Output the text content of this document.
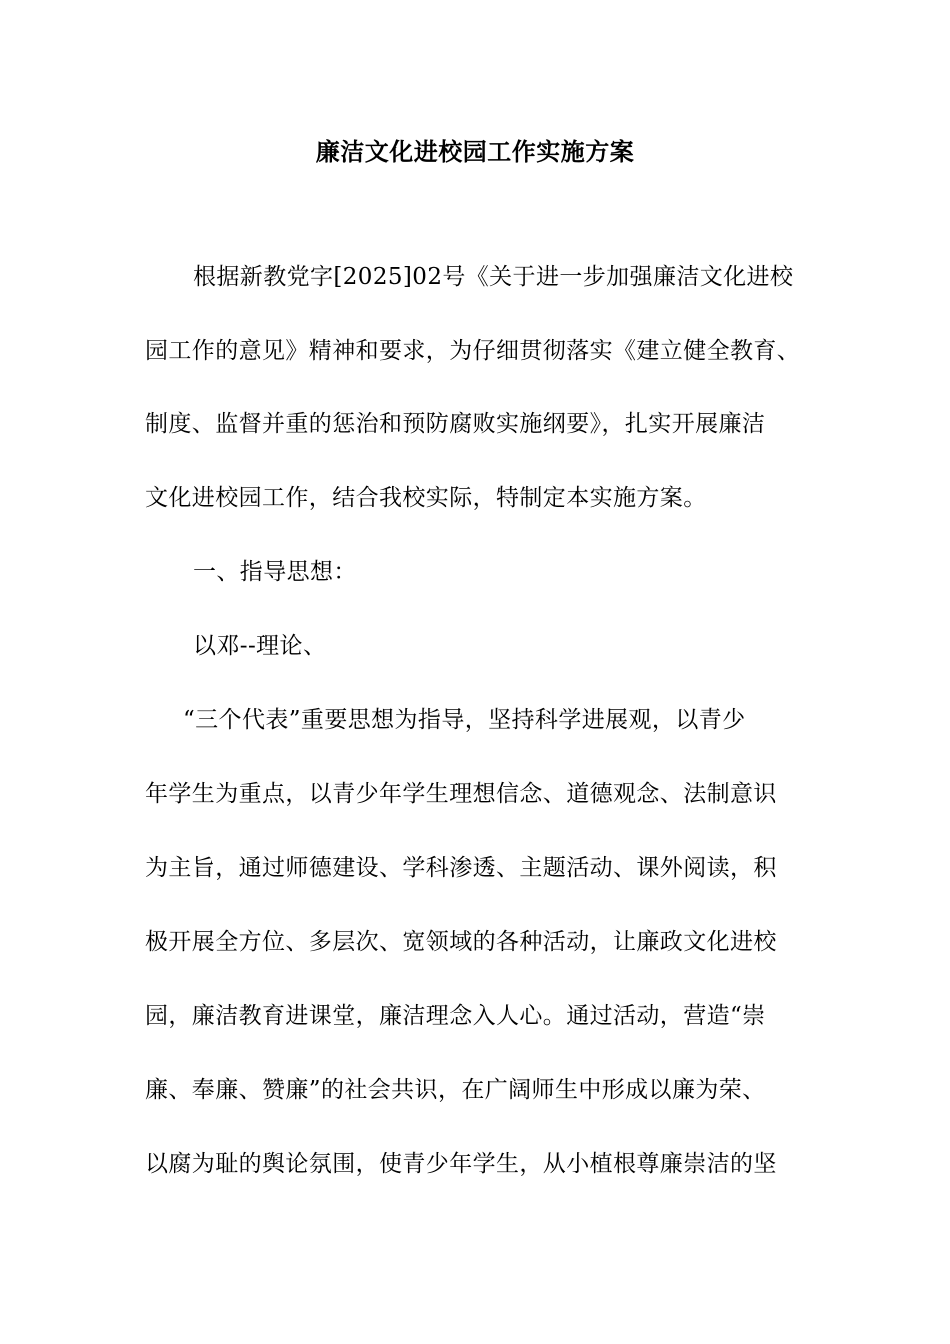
廉洁文化进校园工作实施方案
根据新教党字[2025]02号《关于进一步加强廉洁文化进校
园工作的意见》精神和要求，为仔细贯彻落实《建立健全教育、
制度、监督并重的惩治和预防腐败实施纲要》，扎实开展廉洁
文化进校园工作，结合我校实际，特制定本实施方案。
一、指导思想：
以邓--理论、
“三个代表”重要思想为指导，坚持科学进展观，以青少
年学生为重点，以青少年学生理想信念、道德观念、法制意识
为主旨，通过师德建设、学科渗透、主题活动、课外阅读，积
极开展全方位、多层次、宽领域的各种活动，让廉政文化进校
园，廉洁教育进课堂，廉洁理念入人心。通过活动，营造“崇
廉、奉廉、赞廉”的社会共识，在广阔师生中形成以廉为荣、
以腐为耻的舆论氛围，使青少年学生，从小植根尊廉崇洁的坚
